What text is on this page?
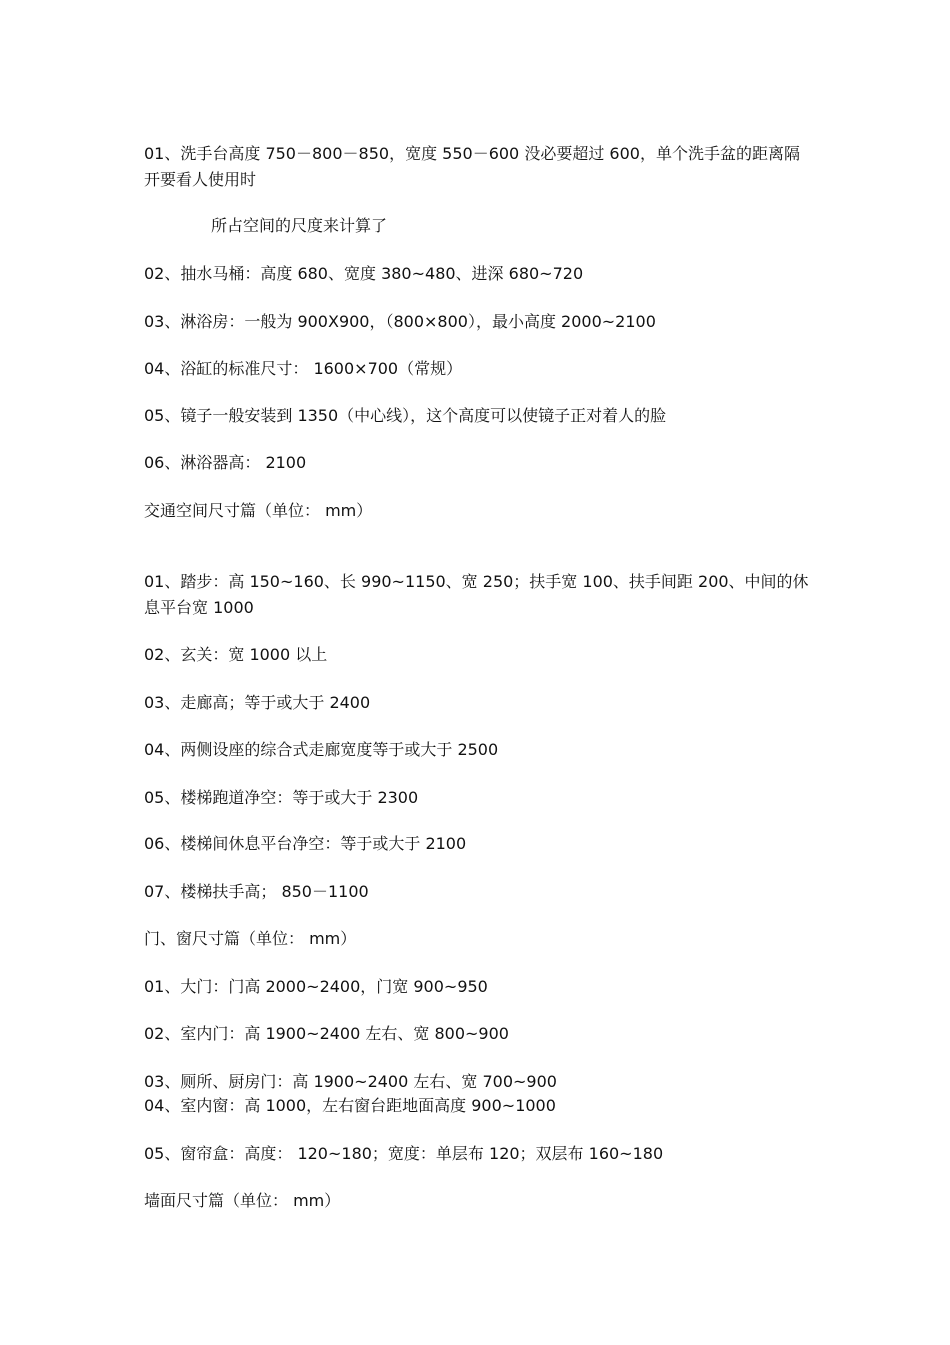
01、洗手台高度 750－800－850，宽度 550－600 没必要超过 600，单个洗手盆的距离隔开要看人使用时
所占空间的尺度来计算了
02、抽水马桶：高度 680、宽度 380~480、进深 680~720
03、淋浴房：一般为 900X900，（800×800），最小高度 2000~2100
04、浴缸的标准尺寸： 1600×700（常规）
05、镜子一般安装到 1350（中心线），这个高度可以使镜子正对着人的脸
06、淋浴器高： 2100
交通空间尺寸篇（单位： mm）
01、踏步：高 150~160、长 990~1150、宽 250；扶手宽 100、扶手间距 200、中间的休息平台宽 1000
02、玄关：宽 1000 以上
03、走廊高；等于或大于 2400
04、两侧设座的综合式走廊宽度等于或大于 2500
05、楼梯跑道净空：等于或大于 2300
06、楼梯间休息平台净空：等于或大于 2100
07、楼梯扶手高； 850－1100
门、窗尺寸篇（单位： mm）
01、大门：门高 2000~2400，门宽 900~950
02、室内门：高 1900~2400 左右、宽 800~900
03、厕所、厨房门：高 1900~2400 左右、宽 700~900
04、室内窗：高 1000，左右窗台距地面高度 900~1000
05、窗帘盒：高度： 120~180；宽度：单层布 120；双层布 160~180
墙面尺寸篇（单位： mm）
